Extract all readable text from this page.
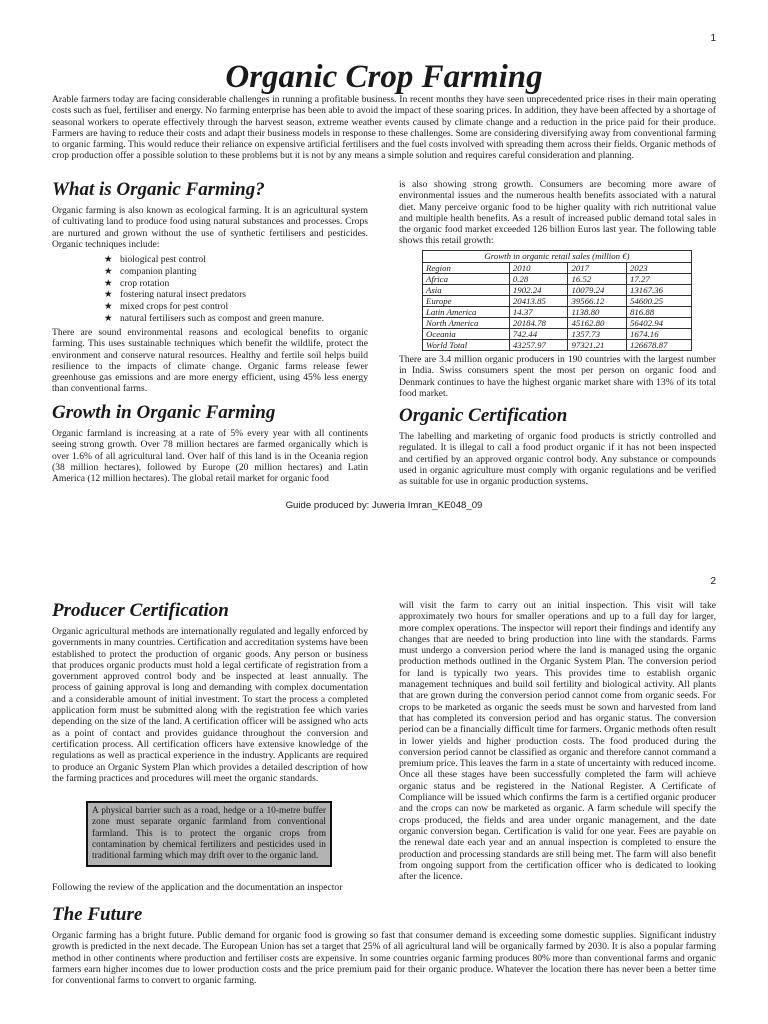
1
Organic Crop Farming

Arable farmers today are facing considerable challenges in running a profitable business. In recent months they have seen unprecedented price rises in their main operating costs such as fuel, fertiliser and energy. No farming enterprise has been able to avoid the impact of these soaring prices. In addition, they have been affected by a shortage of seasonal workers to operate effectively through the harvest season, extreme weather events caused by climate change and a reduction in the price paid for their produce. Farmers are having to reduce their costs and adapt their business models in response to these challenges. Some are considering diversifying away from conventional farming to organic farming. This would reduce their reliance on expensive artificial fertilisers and the fuel costs involved with spreading them across their fields. Organic methods of crop production offer a possible solution to these problems but it is not by any means a simple solution and requires careful consideration and planning.

What is Organic Farming?

Organic farming is also known as ecological farming. It is an agricultural system of cultivating land to produce food using natural substances and processes. Crops are nurtured and grown without the use of synthetic fertilisers and pesticides. Organic techniques include:

★ biological pest control
★ companion planting
★ crop rotation
★ fostering natural insect predators
★ mixed crops for pest control
★ natural fertilisers such as compost and green manure.

There are sound environmental reasons and ecological benefits to organic farming. This uses sustainable techniques which benefit the wildlife, protect the environment and conserve natural resources. Healthy and fertile soil helps build resilience to the impacts of climate change. Organic farms release fewer greenhouse gas emissions and are more energy efficient, using 45% less energy than conventional farms.

Growth in Organic Farming

Organic farmland is increasing at a rate of 5% every year with all continents seeing strong growth. Over 78 million hectares are farmed organically which is over 1.6% of all agricultural land. Over half of this land is in the Oceania region (38 million hectares), followed by Europe (20 million hectares) and Latin America (12 million hectares). The global retail market for organic food

is also showing strong growth. Consumers are becoming more aware of environmental issues and the numerous health benefits associated with a natural diet. Many perceive organic food to be higher quality with rich nutritional value and multiple health benefits. As a result of increased public demand total sales in the organic food market exceeded 126 billion Euros last year. The following table shows this retail growth:

Growth in organic retail sales (million €)
Region	2010	2017	2023
Africa	0.28	16.52	17.27
Asia	1902.24	10079.24	13167.36
Europe	20413.85	39566.12	54600.25
Latin America	14.37	1138.80	816.88
North America	20184.78	45162.80	56402.94
Oceania	742.44	1357.73	1674.16
World Total	43257.97	97321.21	126678.87

There are 3.4 million organic producers in 190 countries with the largest number in India. Swiss consumers spent the most per person on organic food and Denmark continues to have the highest organic market share with 13% of its total food market.

Organic Certification

The labelling and marketing of organic food products is strictly controlled and regulated. It is illegal to call a food product organic if it has not been inspected and certified by an approved organic control body. Any substance or compounds used in organic agriculture must comply with organic regulations and be verified as suitable for use in organic production systems.

Guide produced by: Juweria Imran_KE048_09
2
Producer Certification

Organic agricultural methods are internationally regulated and legally enforced by governments in many countries. Certification and accreditation systems have been established to protect the production of organic goods. Any person or business that produces organic products must hold a legal certificate of registration from a government approved control body and be inspected at least annually. The process of gaining approval is long and demanding with complex documentation and a considerable amount of initial investment. To start the process a completed application form must be submitted along with the registration fee which varies depending on the size of the land. A certification officer will be assigned who acts as a point of contact and provides guidance throughout the conversion and certification process. All certification officers have extensive knowledge of the regulations as well as practical experience in the industry. Applicants are required to produce an Organic System Plan which provides a detailed description of how the farming practices and procedures will meet the organic standards.

A physical barrier such as a road, hedge or a 10-metre buffer zone must separate organic farmland from conventional farmland. This is to protect the organic crops from contamination by chemical fertilizers and pesticides used in traditional farming which may drift over to the organic land.

Following the review of the application and the documentation an inspector

will visit the farm to carry out an initial inspection. This visit will take approximately two hours for smaller operations and up to a full day for larger, more complex operations. The inspector will report their findings and identify any changes that are needed to bring production into line with the standards. Farms must undergo a conversion period where the land is managed using the organic production methods outlined in the Organic System Plan. The conversion period for land is typically two years. This provides time to establish organic management techniques and build soil fertility and biological activity. All plants that are grown during the conversion period cannot come from organic seeds. For crops to be marketed as organic the seeds must be sown and harvested from land that has completed its conversion period and has organic status. The conversion period can be a financially difficult time for farmers. Organic methods often result in lower yields and higher production costs. The food produced during the conversion period cannot be classified as organic and therefore cannot command a premium price. This leaves the farm in a state of uncertainty with reduced income. Once all these stages have been successfully completed the farm will achieve organic status and be registered in the National Register. A Certificate of Compliance will be issued which confirms the farm is a certified organic producer and the crops can now be marketed as organic. A farm schedule will specify the crops produced, the fields and area under organic management, and the date organic conversion began. Certification is valid for one year. Fees are payable on the renewal date each year and an annual inspection is completed to ensure the production and processing standards are still being met. The farm will also benefit from ongoing support from the certification officer who is dedicated to looking after the licence.

The Future

Organic farming has a bright future. Public demand for organic food is growing so fast that consumer demand is exceeding some domestic supplies. Significant industry growth is predicted in the next decade. The European Union has set a target that 25% of all agricultural land will be organically farmed by 2030. It is also a popular farming method in other continents where production and fertiliser costs are expensive. In some countries organic farming produces 80% more than conventional farms and organic farmers earn higher incomes due to lower production costs and the price premium paid for their organic produce. Whatever the location there has never been a better time for conventional farms to convert to organic farming.
